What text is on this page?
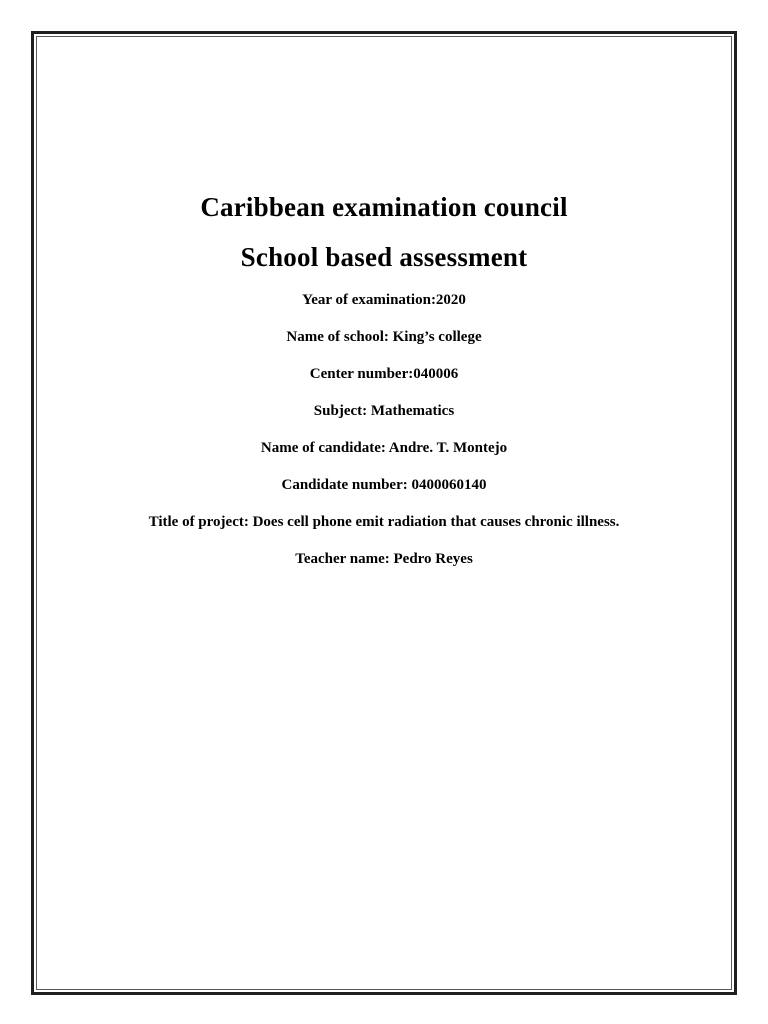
Caribbean examination council
School based assessment
Year of examination:2020
Name of school: King’s college
Center number:040006
Subject: Mathematics
Name of candidate: Andre. T. Montejo
Candidate number: 0400060140
Title of project: Does cell phone emit radiation that causes chronic illness.
Teacher name: Pedro Reyes
